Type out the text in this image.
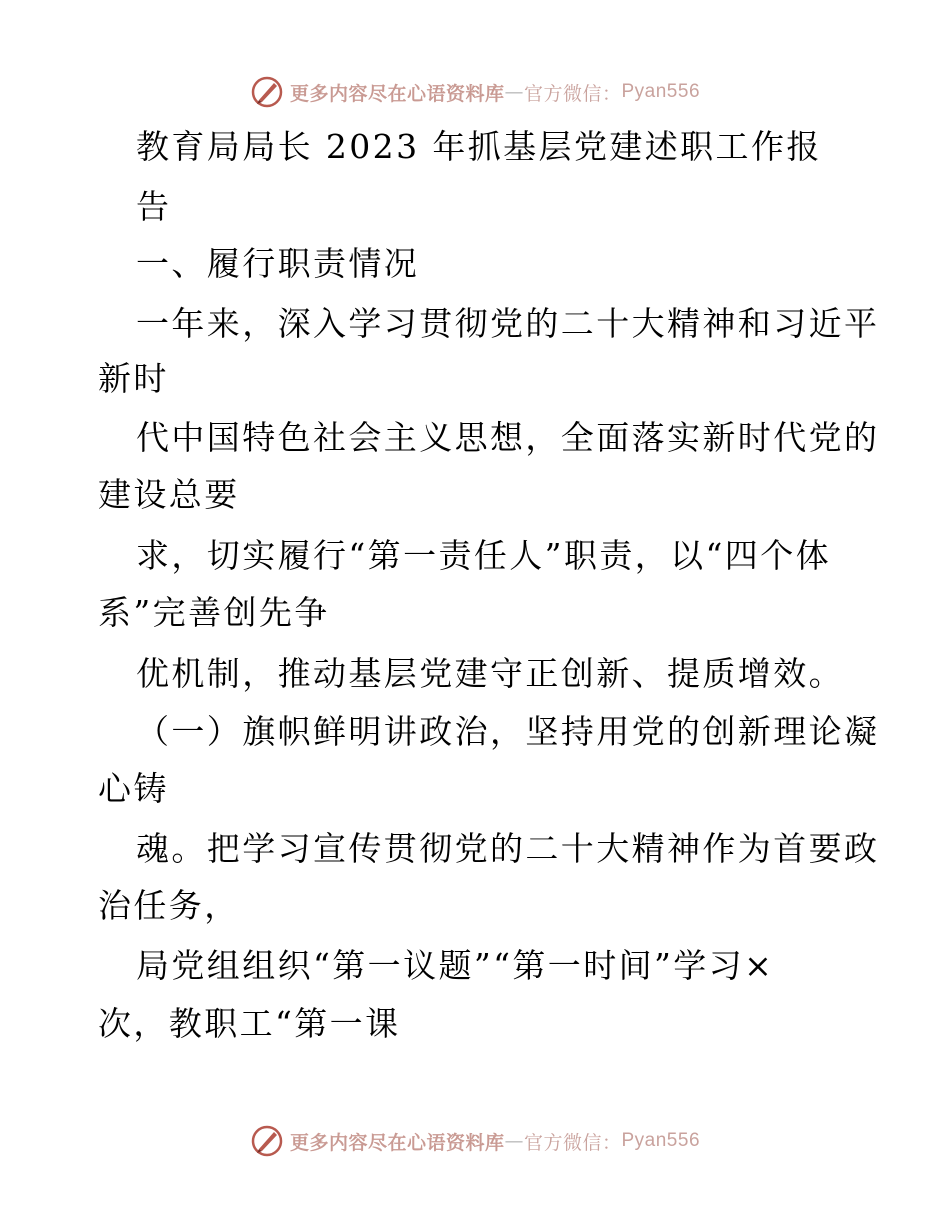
更多内容尽在心语资料库 — 官方微信： Pyan556
教育局局长 2023 年抓基层党建述职工作报
告
一、履行职责情况
一年来，深入学习贯彻党的二十大精神和习近平
新时
代中国特色社会主义思想，全面落实新时代党的
建设总要
求，切实履行“第一责任人”职责，以“四个体
系”完善创先争
优机制，推动基层党建守正创新、提质增效。
（一）旗帜鲜明讲政治，坚持用党的创新理论凝
心铸
魂。把学习宣传贯彻党的二十大精神作为首要政
治任务，
局党组组织“第一议题”“第一时间”学习×
次，教职工“第一课
更多内容尽在心语资料库 — 官方微信： Pyan556
